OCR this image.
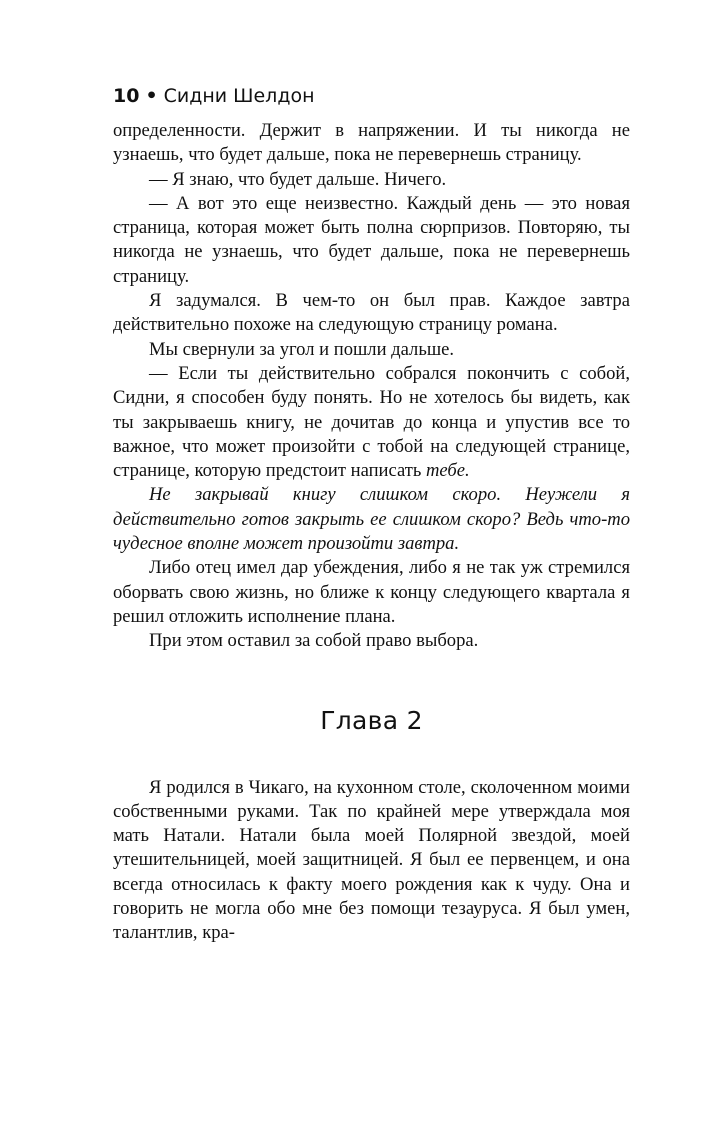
10 • Сидни Шелдон

определенности. Держит в напряжении. И ты никогда не узнаешь, что будет дальше, пока не перевернешь страницу.

— Я знаю, что будет дальше. Ничего.

— А вот это еще неизвестно. Каждый день — это новая страница, которая может быть полна сюрпризов. Повторяю, ты никогда не узнаешь, что будет дальше, пока не перевернешь страницу.

Я задумался. В чем-то он был прав. Каждое завтра действительно похоже на следующую страницу романа.

Мы свернули за угол и пошли дальше.

— Если ты действительно собрался покончить с собой, Сидни, я способен буду понять. Но не хотелось бы видеть, как ты закрываешь книгу, не дочитав до конца и упустив все то важное, что может произойти с тобой на следующей странице, странице, которую предстоит написать тебе.

Не закрывай книгу слишком скоро. Неужели я действительно готов закрыть ее слишком скоро? Ведь что-то чудесное вполне может произойти завтра.

Либо отец имел дар убеждения, либо я не так уж стремился оборвать свою жизнь, но ближе к концу следующего квартала я решил отложить исполнение плана.

При этом оставил за собой право выбора.

Глава 2

Я родился в Чикаго, на кухонном столе, сколоченном моими собственными руками. Так по крайней мере утверждала моя мать Натали. Натали была моей Полярной звездой, моей утешительницей, моей защитницей. Я был ее первенцем, и она всегда относилась к факту моего рождения как к чуду. Она и говорить не могла обо мне без помощи тезауруса. Я был умен, талантлив, кра-
